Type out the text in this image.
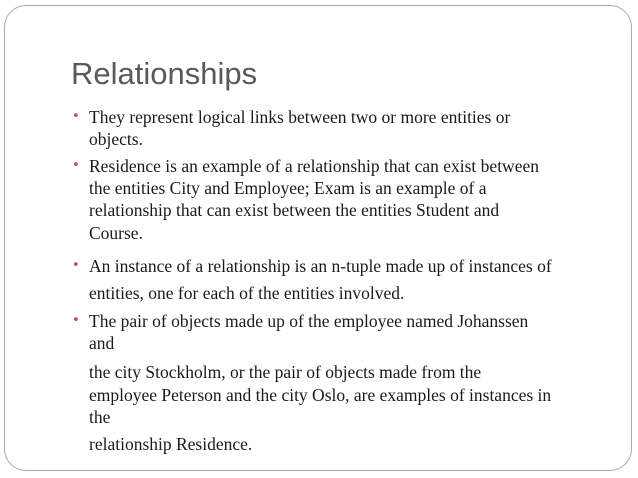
Relationships
• They represent logical links between two or more entities or
objects.
• Residence is an example of a relationship that can exist between
the entities City and Employee; Exam is an example of a
relationship that can exist between the entities Student and
Course.
• An instance of a relationship is an n-tuple made up of instances of
entities, one for each of the entities involved.
• The pair of objects made up of the employee named Johanssen
and
the city Stockholm, or the pair of objects made from the
employee Peterson and the city Oslo, are examples of instances in
the
relationship Residence.
